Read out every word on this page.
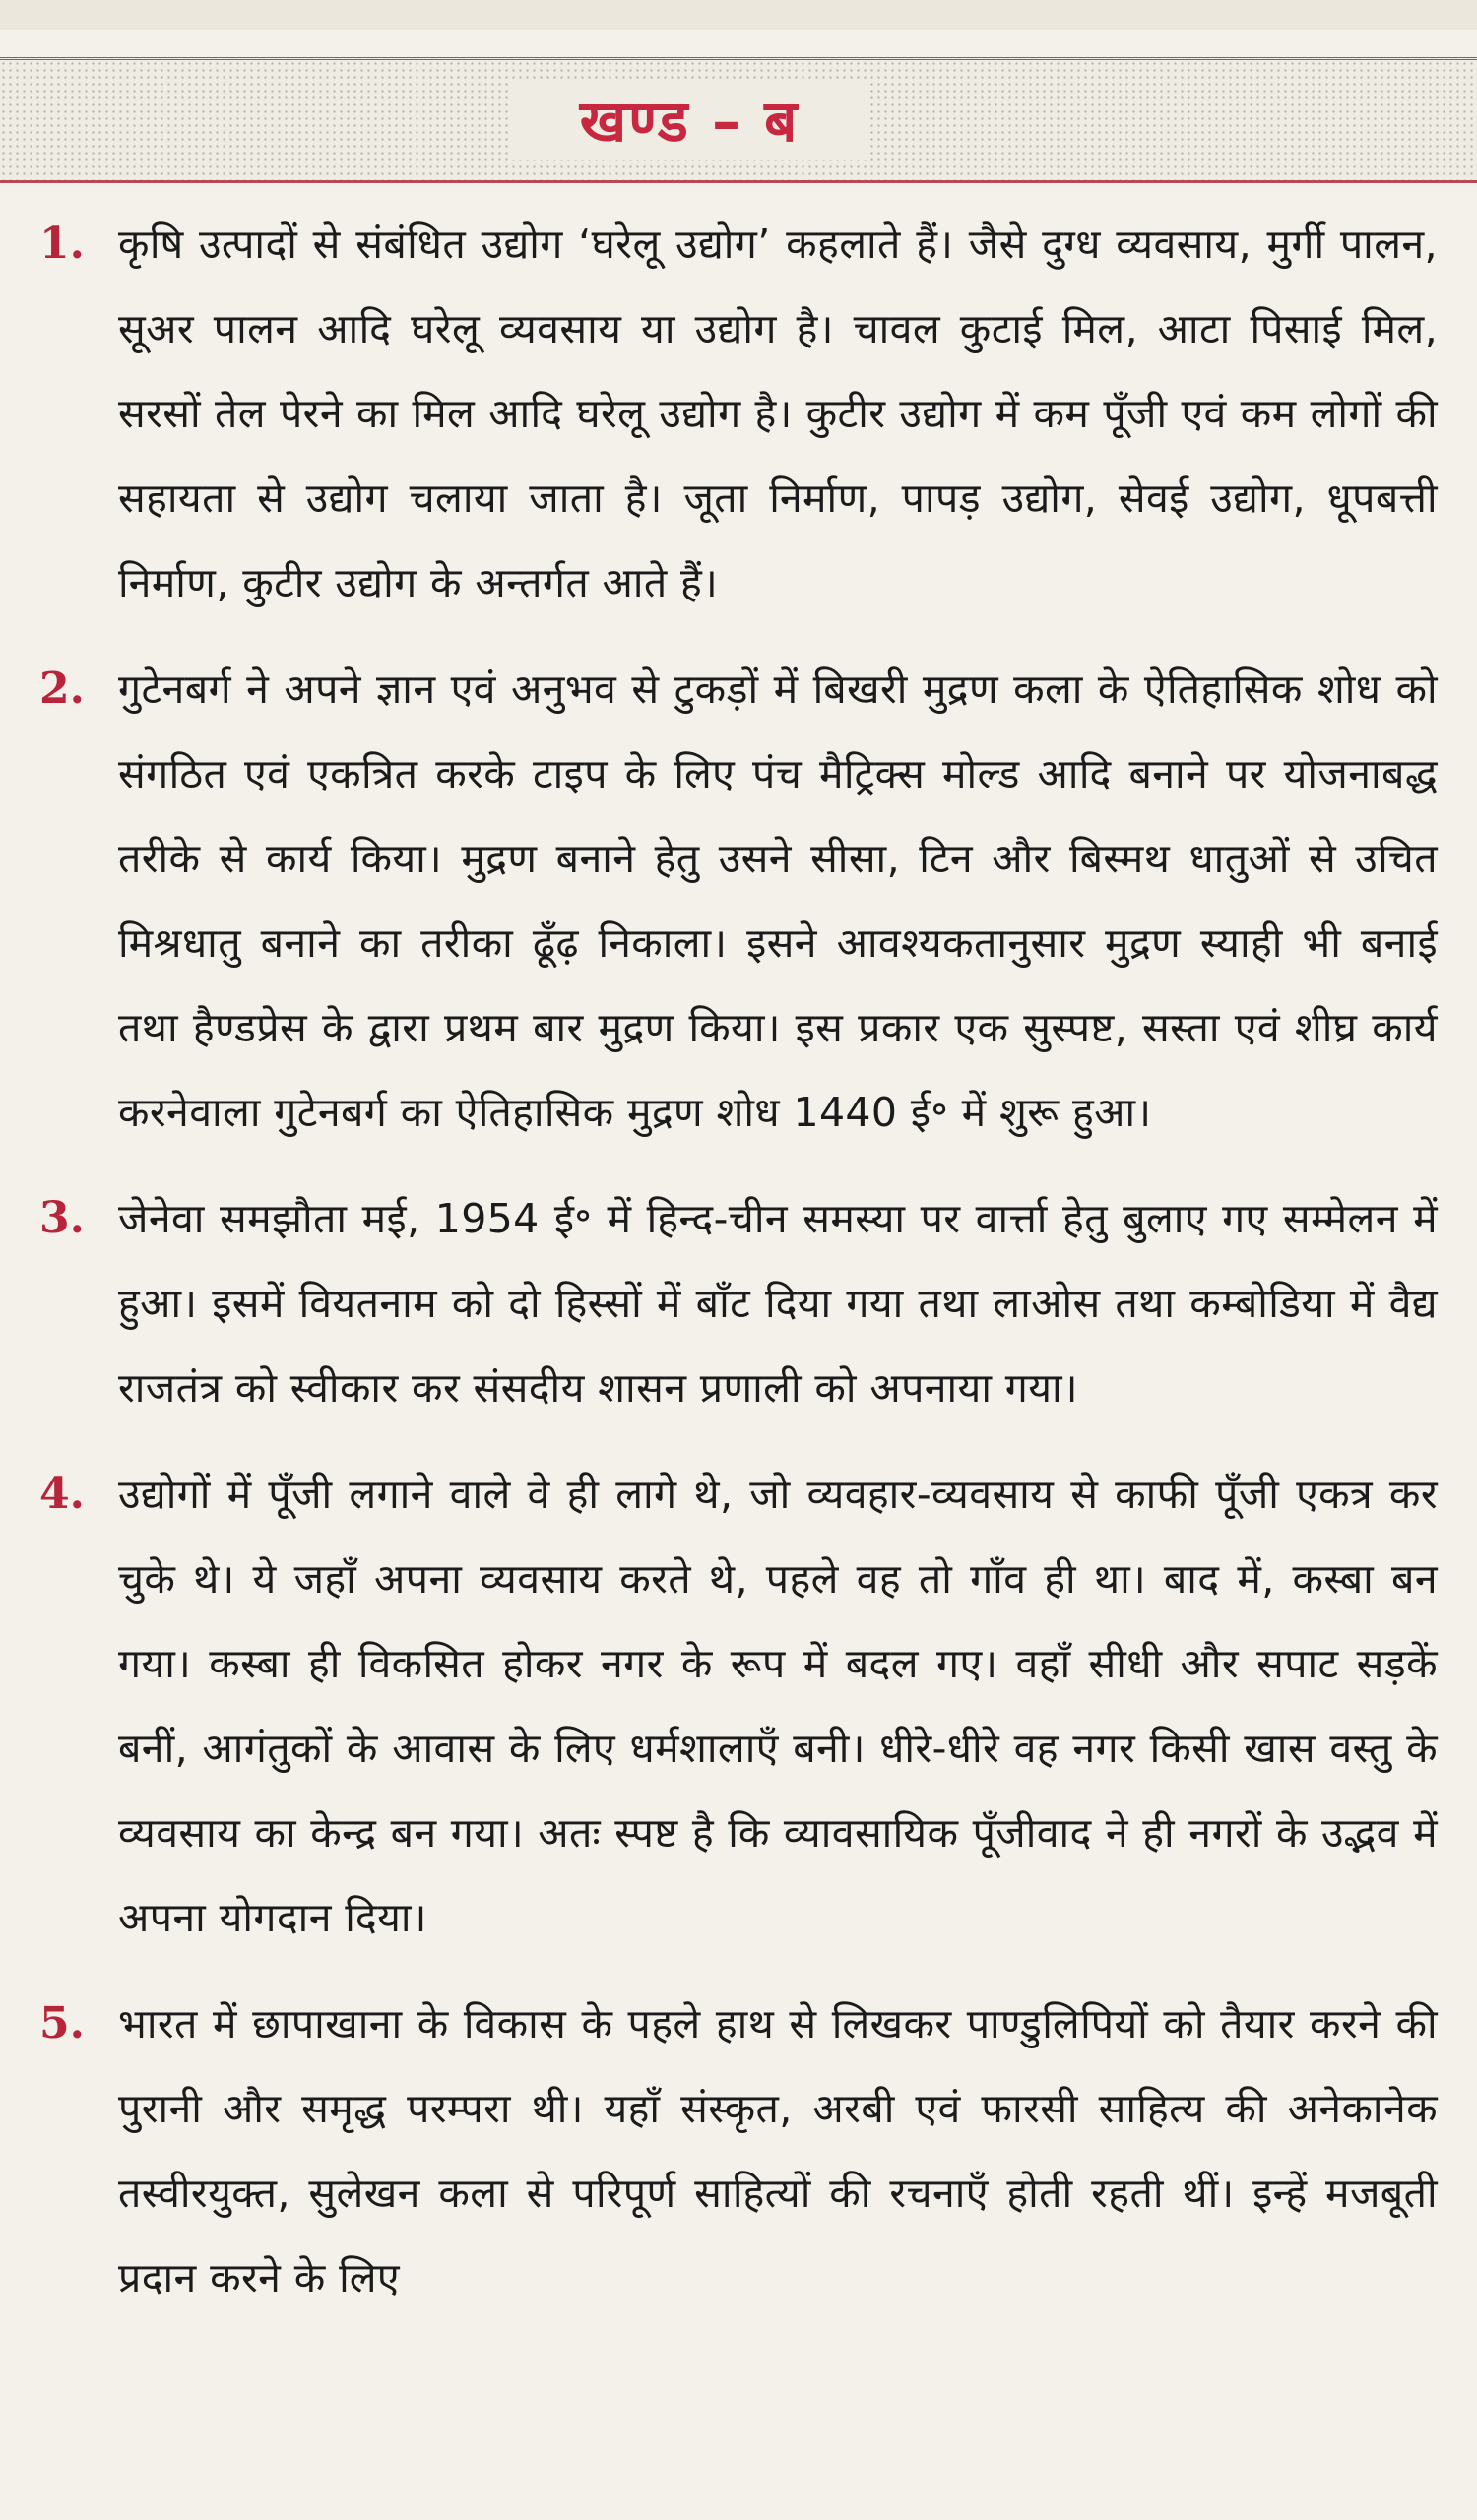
खण्ड – ब
1. कृषि उत्पादों से संबंधित उद्योग ‘घरेलू उद्योग’ कहलाते हैं। जैसे दुग्ध व्यवसाय, मुर्गी पालन, सूअर पालन आदि घरेलू व्यवसाय या उद्योग है। चावल कुटाई मिल, आटा पिसाई मिल, सरसों तेल पेरने का मिल आदि घरेलू उद्योग है। कुटीर उद्योग में कम पूँजी एवं कम लोगों की सहायता से उद्योग चलाया जाता है। जूता निर्माण, पापड़ उद्योग, सेवई उद्योग, धूपबत्ती निर्माण, कुटीर उद्योग के अन्तर्गत आते हैं।
2. गुटेनबर्ग ने अपने ज्ञान एवं अनुभव से टुकड़ों में बिखरी मुद्रण कला के ऐतिहासिक शोध को संगठित एवं एकत्रित करके टाइप के लिए पंच मैट्रिक्स मोल्ड आदि बनाने पर योजनाबद्ध तरीके से कार्य किया। मुद्रण बनाने हेतु उसने सीसा, टिन और बिस्मथ धातुओं से उचित मिश्रधातु बनाने का तरीका ढूँढ़ निकाला। इसने आवश्यकतानुसार मुद्रण स्याही भी बनाई तथा हैण्डप्रेस के द्वारा प्रथम बार मुद्रण किया। इस प्रकार एक सुस्पष्ट, सस्ता एवं शीघ्र कार्य करनेवाला गुटेनबर्ग का ऐतिहासिक मुद्रण शोध 1440 ई॰ में शुरू हुआ।
3. जेनेवा समझौता मई, 1954 ई॰ में हिन्द-चीन समस्या पर वार्त्ता हेतु बुलाए गए सम्मेलन में हुआ। इसमें वियतनाम को दो हिस्सों में बाँट दिया गया तथा लाओस तथा कम्बोडिया में वैद्य राजतंत्र को स्वीकार कर संसदीय शासन प्रणाली को अपनाया गया।
4. उद्योगों में पूँजी लगाने वाले वे ही लागे थे, जो व्यवहार-व्यवसाय से काफी पूँजी एकत्र कर चुके थे। ये जहाँ अपना व्यवसाय करते थे, पहले वह तो गाँव ही था। बाद में, कस्बा बन गया। कस्बा ही विकसित होकर नगर के रूप में बदल गए। वहाँ सीधी और सपाट सड़कें बनीं, आगंतुकों के आवास के लिए धर्मशालाएँ बनी। धीरे-धीरे वह नगर किसी खास वस्तु के व्यवसाय का केन्द्र बन गया। अतः स्पष्ट है कि व्यावसायिक पूँजीवाद ने ही नगरों के उद्भव में अपना योगदान दिया।
5. भारत में छापाखाना के विकास के पहले हाथ से लिखकर पाण्डुलिपियों को तैयार करने की पुरानी और समृद्ध परम्परा थी। यहाँ संस्कृत, अरबी एवं फारसी साहित्य की अनेकानेक तस्वीरयुक्त, सुलेखन कला से परिपूर्ण साहित्यों की रचनाएँ होती रहती थीं। इन्हें मजबूती प्रदान करने के लिए
